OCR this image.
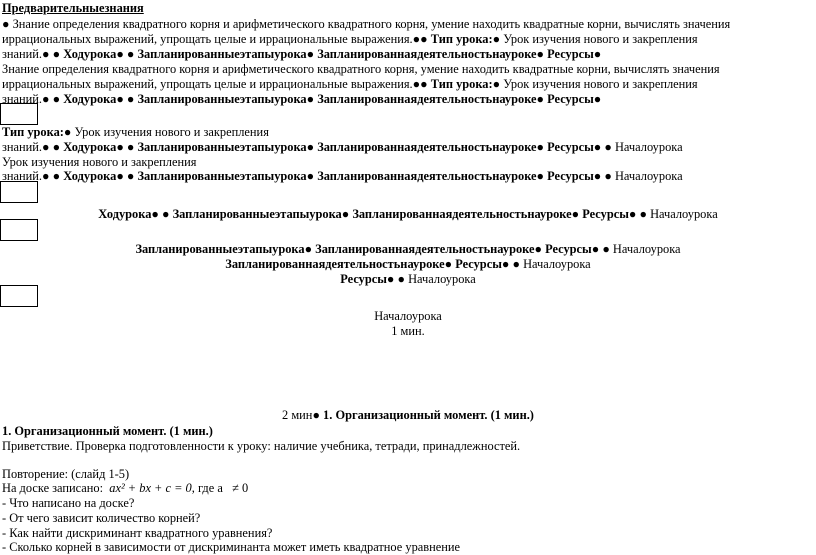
Предварительныезнания
● Знание определения квадратного корня и арифметического квадратного корня, умение находить квадратные корни, вычислять значения
иррациональных выражений, упрощать целые и иррациональные выражения.●● Тип урока:● Урок изучения нового и закрепления
знаний.● ● Ходурока● ● Запланированныеэтапыурока● Запланированнаядеятельностьнауроке● Ресурсы●
Знание определения квадратного корня и арифметического квадратного корня, умение находить квадратные корни, вычислять значения
иррациональных выражений, упрощать целые и иррациональные выражения.●● Тип урока:● Урок изучения нового и закрепления
знаний.● ● Ходурока● ● Запланированныеэтапыурока● Запланированнаядеятельностьнауроке● Ресурсы●
Тип урока:● Урок изучения нового и закрепления
знаний.● ● Ходурока● ● Запланированныеэтапыурока● Запланированнаядеятельностьнауроке● Ресурсы● ● Началоурока
Урок изучения нового и закрепления
знаний.● ● Ходурока● ● Запланированныеэтапыурока● Запланированнаядеятельностьнауроке● Ресурсы● ● Началоурока
Ходурока● ● Запланированныеэтапыурока● Запланированнаядеятельностьнауроке● Ресурсы● ● Началоурока
Запланированныеэтапыурока● Запланированнаядеятельностьнауроке● Ресурсы● ● Началоурока
Запланированнаядеятельностьнауроке● Ресурсы● ● Началоурока
Ресурсы● ● Началоурока
Началоурока
1 мин.
2 мин● 1. Организационный момент. (1 мин.)
1. Организационный момент. (1 мин.)
Приветствие. Проверка подготовленности к уроку: наличие учебника, тетради, принадлежностей.
Повторение: (слайд 1-5)
На доске записано: ax² + bx + c = 0, где a ≠ 0
- Что написано на доске?
- От чего зависит количество корней?
- Как найти дискриминант квадратного уравнения?
- Сколько корней в зависимости от дискриминанта может иметь квадратное уравнение
